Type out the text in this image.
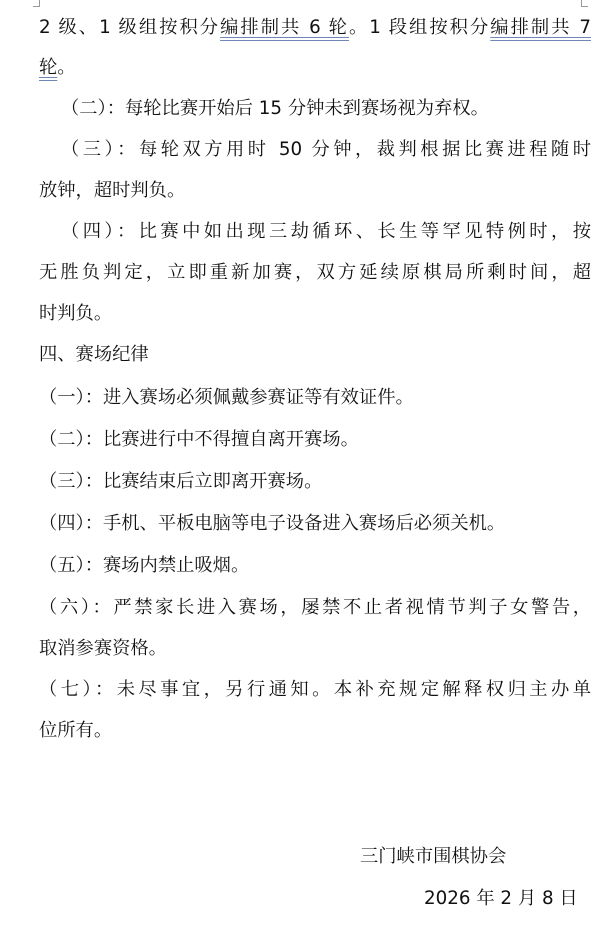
2 级、1 级组按积分编排制共 6 轮。1 段组按积分编排制共 7
轮。
（二）：每轮比赛开始后 15 分钟未到赛场视为弃权。
（三）：每轮双方用时 50 分钟，裁判根据比赛进程随时
放钟，超时判负。
（四）：比赛中如出现三劫循环、长生等罕见特例时，按
无胜负判定，立即重新加赛，双方延续原棋局所剩时间，超
时判负。
四、赛场纪律
（一）：进入赛场必须佩戴参赛证等有效证件。
（二）：比赛进行中不得擅自离开赛场。
（三）：比赛结束后立即离开赛场。
（四）：手机、平板电脑等电子设备进入赛场后必须关机。
（五）：赛场内禁止吸烟。
（六）：严禁家长进入赛场，屡禁不止者视情节判子女警告，
取消参赛资格。
（七）：未尽事宜，另行通知。本补充规定解释权归主办单
位所有。
三门峡市围棋协会
2026 年 2 月 8 日
